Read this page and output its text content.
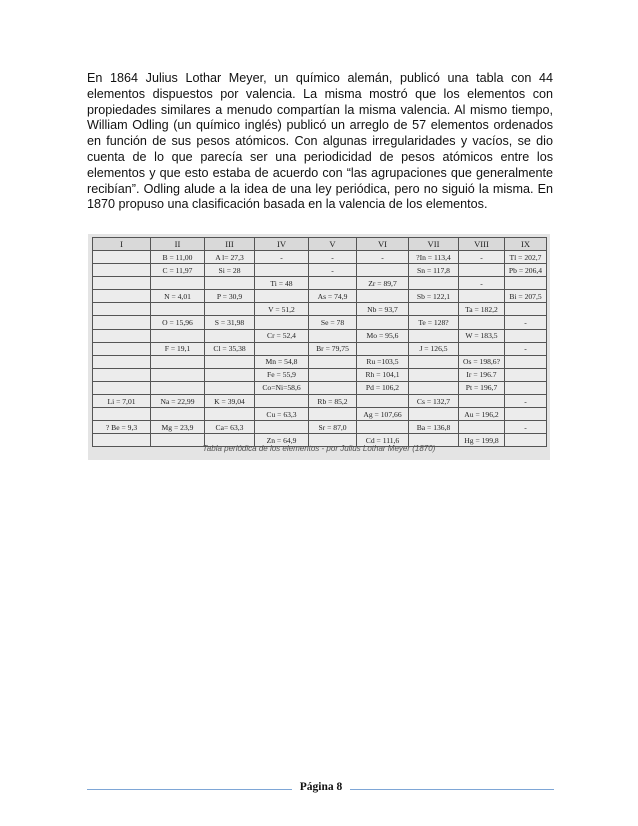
En 1864 Julius Lothar Meyer, un químico alemán, publicó una tabla con 44 elementos dispuestos por valencia. La misma mostró que los elementos con propiedades similares a menudo compartían la misma valencia. Al mismo tiempo, William Odling (un químico inglés) publicó un arreglo de 57 elementos ordenados en función de sus pesos atómicos. Con algunas irregularidades y vacíos, se dio cuenta de lo que parecía ser una periodicidad de pesos atómicos entre los elementos y que esto estaba de acuerdo con “las agrupaciones que generalmente recibían”. Odling alude a la idea de una ley periódica, pero no siguió la misma. En 1870 propuso una clasificación basada en la valencia de los elementos.

I	II	III	IV	V	VI	VII	VIII	IX
	B = 11,00	A l= 27,3	-	-	-	?In = 113,4	-	Tl = 202,7
	C = 11,97	Si = 28		-		Sn = 117,8		Pb = 206,4
			Ti = 48		Zr = 89,7		-	
	N = 4,01	P = 30,9		As = 74,9		Sb = 122,1		Bi = 207,5
			V = 51,2		Nb = 93,7		Ta = 182,2	
	O = 15,96	S = 31,98		Se = 78		Te = 128?		-
			Cr = 52,4		Mo = 95,6		W = 183,5	
	F = 19,1	Cl = 35,38		Br = 79,75		J = 126,5		-
			Mn = 54,8		Ru =103,5		Os = 198,6?	
			Fe = 55,9		Rh = 104,1		Ir = 196.7	
			Co=Ni=58,6		Pd = 106,2		Pt = 196,7	
Li = 7,01	Na = 22,99	K = 39,04		Rb = 85,2		Cs = 132,7		-
			Cu = 63,3		Ag = 107,66		Au = 196,2	
? Be = 9,3	Mg = 23,9	Ca= 63,3		Sr = 87,0		Ba = 136,8		-
			Zn = 64,9		Cd = 111,6		Hg = 199,8	
Tabla periódica de los elementos - por Julius Lothar Meyer (1870)
Página 8
